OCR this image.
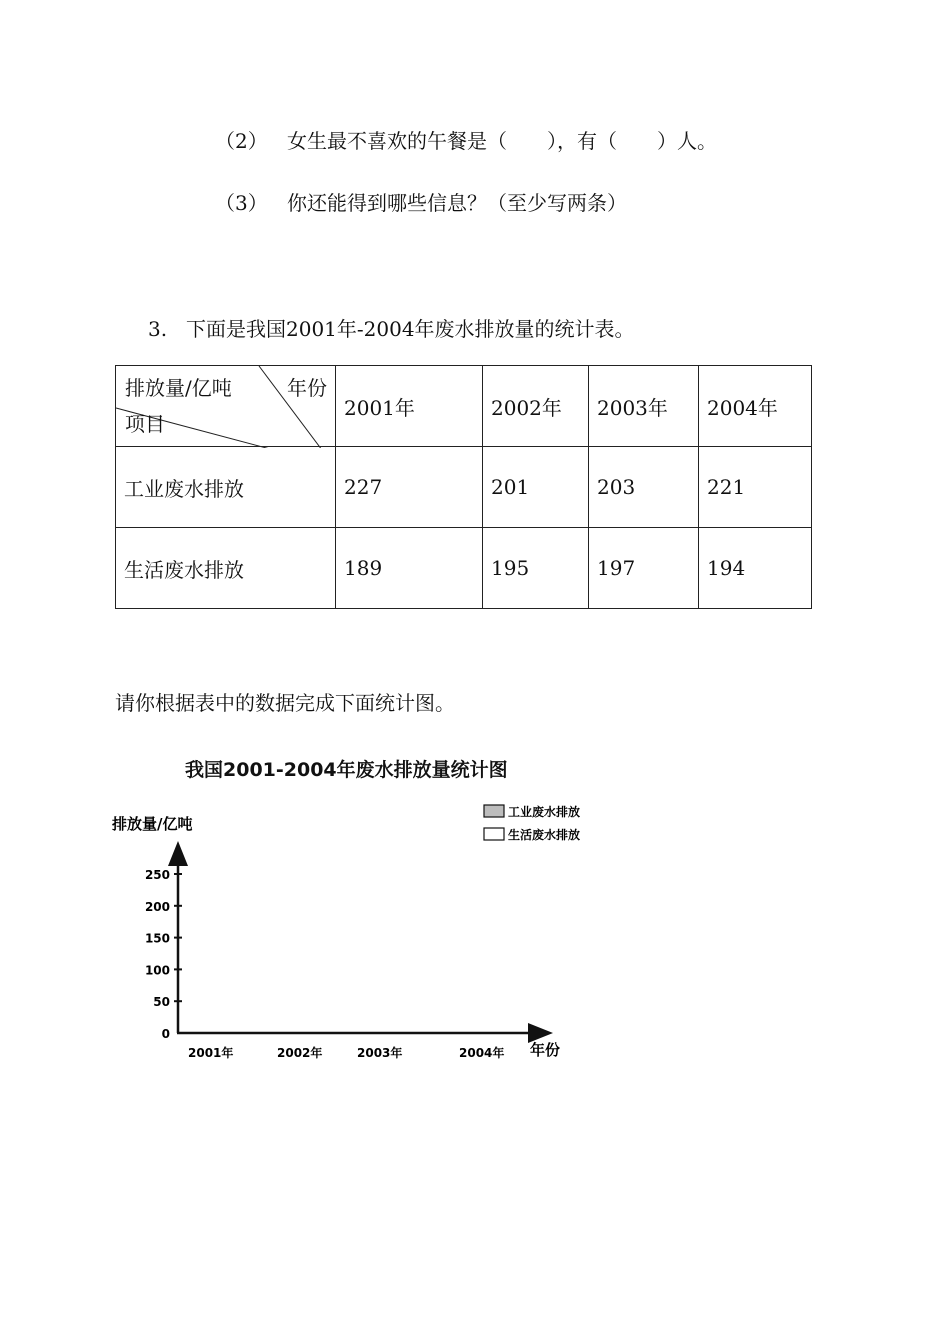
（2） 女生最不喜欢的午餐是（　　），有（　　）人。
（3） 你还能得到哪些信息？（至少写两条）
3. 下面是我国2001年-2004年废水排放量的统计表。
排放量/亿吨 年份
项目	2001年	2002年	2003年	2004年
工业废水排放	227	201	203	221
生活废水排放	189	195	197	194
请你根据表中的数据完成下面统计图。
我国2001-2004年废水排放量统计图
排放量/亿吨
0
50
100
150
200
250
2001年	2002年	2003年	2004年 年份
工业废水排放
生活废水排放
